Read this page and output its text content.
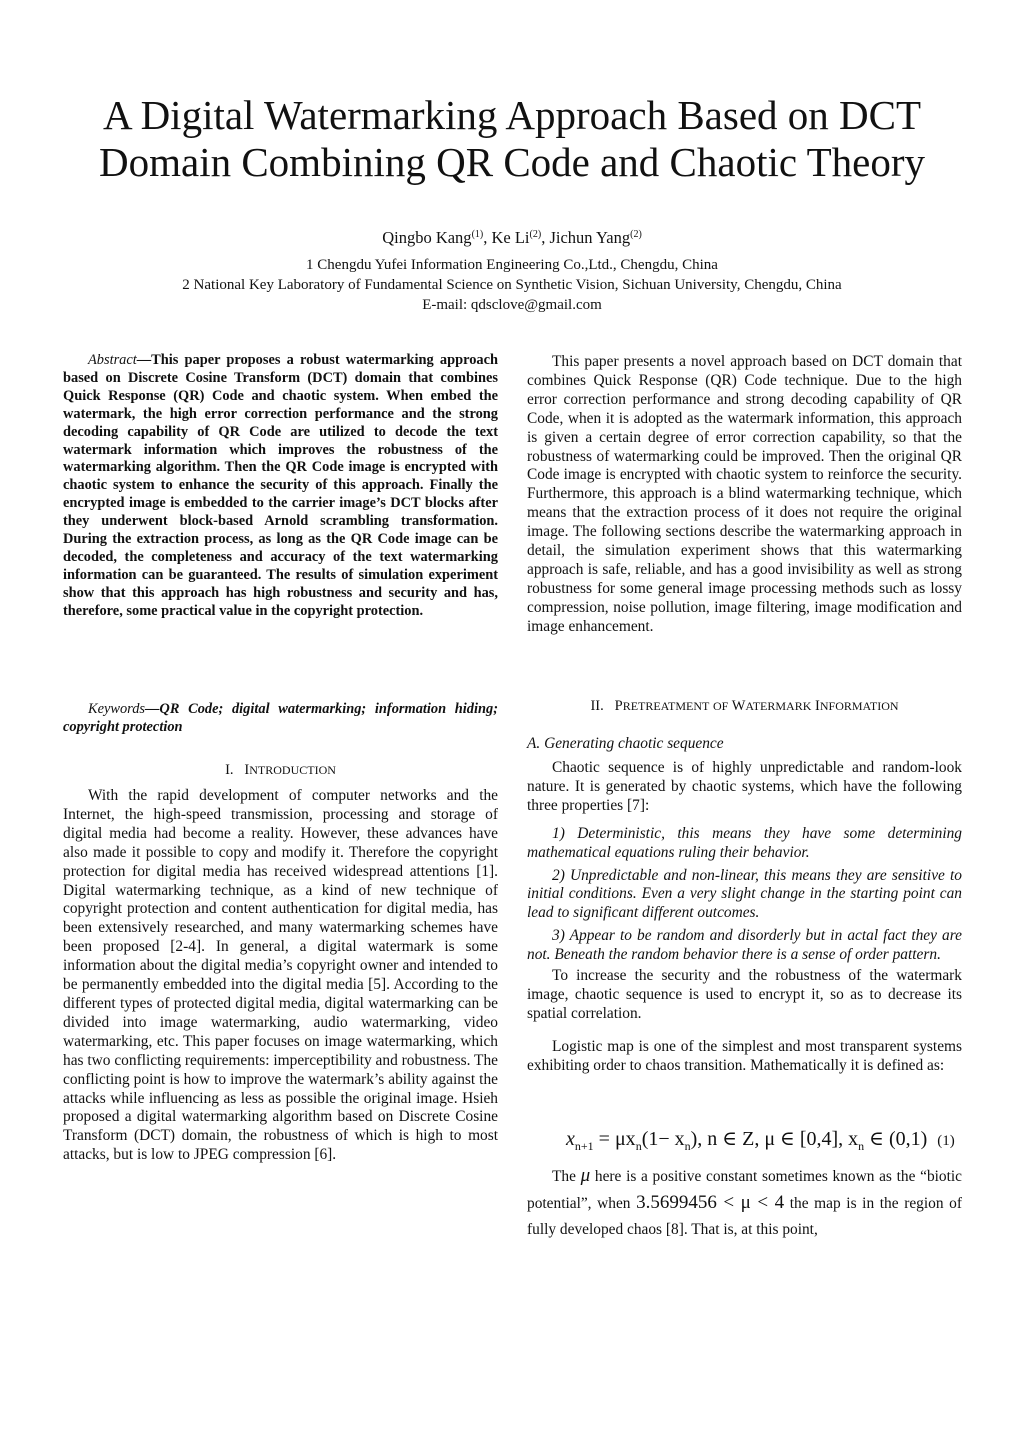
A Digital Watermarking Approach Based on DCT Domain Combining QR Code and Chaotic Theory
Qingbo Kang$^{(1)}$, Ke Li$^{(2)}$, Jichun Yang$^{(2)}$
1 Chengdu Yufei Information Engineering Co.,Ltd., Chengdu, China
2 National Key Laboratory of Fundamental Science on Synthetic Vision, Sichuan University, Chengdu, China
E-mail: qdsclove@gmail.com

Abstract—This paper proposes a robust watermarking approach based on Discrete Cosine Transform (DCT) domain that combines Quick Response (QR) Code and chaotic system. When embed the watermark, the high error correction performance and the strong decoding capability of QR Code are utilized to decode the text watermark information which improves the robustness of the watermarking algorithm. Then the QR Code image is encrypted with chaotic system to enhance the security of this approach. Finally the encrypted image is embedded to the carrier image’s DCT blocks after they underwent block-based Arnold scrambling transformation. During the extraction process, as long as the QR Code image can be decoded, the completeness and accuracy of the text watermarking information can be guaranteed. The results of simulation experiment show that this approach has high robustness and security and has, therefore, some practical value in the copyright protection.

Keywords—QR Code; digital watermarking; information hiding; copyright protection

I. INTRODUCTION

With the rapid development of computer networks and the Internet, the high-speed transmission, processing and storage of digital media had become a reality. However, these advances have also made it possible to copy and modify it. Therefore the copyright protection for digital media has received widespread attentions [1]. Digital watermarking technique, as a kind of new technique of copyright protection and content authentication for digital media, has been extensively researched, and many watermarking schemes have been proposed [2-4]. In general, a digital watermark is some information about the digital media’s copyright owner and intended to be permanently embedded into the digital media [5]. According to the different types of protected digital media, digital watermarking can be divided into image watermarking, audio watermarking, video watermarking, etc. This paper focuses on image watermarking, which has two conflicting requirements: imperceptibility and robustness. The conflicting point is how to improve the watermark’s ability against the attacks while influencing as less as possible the original image. Hsieh proposed a digital watermarking algorithm based on Discrete Cosine Transform (DCT) domain, the robustness of which is high to most attacks, but is low to JPEG compression [6].

This paper presents a novel approach based on DCT domain that combines Quick Response (QR) Code technique. Due to the high error correction performance and strong decoding capability of QR Code, when it is adopted as the watermark information, this approach is given a certain degree of error correction capability, so that the robustness of watermarking could be improved. Then the original QR Code image is encrypted with chaotic system to reinforce the security. Furthermore, this approach is a blind watermarking technique, which means that the extraction process of it does not require the original image. The following sections describe the watermarking approach in detail, the simulation experiment shows that this watermarking approach is safe, reliable, and has a good invisibility as well as strong robustness for some general image processing methods such as lossy compression, noise pollution, image filtering, image modification and image enhancement.

II. PRETREATMENT OF WATERMARK INFORMATION
A. Generating chaotic sequence

Chaotic sequence is of highly unpredictable and random-look nature. It is generated by chaotic systems, which have the following three properties [7]:

1) Deterministic, this means they have some determining mathematical equations ruling their behavior.

2) Unpredictable and non-linear, this means they are sensitive to initial conditions. Even a very slight change in the starting point can lead to significant different outcomes.

3) Appear to be random and disorderly but in actal fact they are not. Beneath the random behavior there is a sense of order pattern.

To increase the security and the robustness of the watermark image, chaotic sequence is used to encrypt it, so as to decrease its spatial correlation.

Logistic map is one of the simplest and most transparent systems exhibiting order to chaos transition. Mathematically it is defined as:

$x_{n+1} = \mu x_n(1- x_n)$, n ∈ Z, μ ∈ [0,4], $x_n$ ∈ (0,1) (1)

The μ here is a positive constant sometimes known as the “biotic potential”, when 3.5699456 < μ < 4 the map is in the region of fully developed chaos [8]. That is, at this point,
